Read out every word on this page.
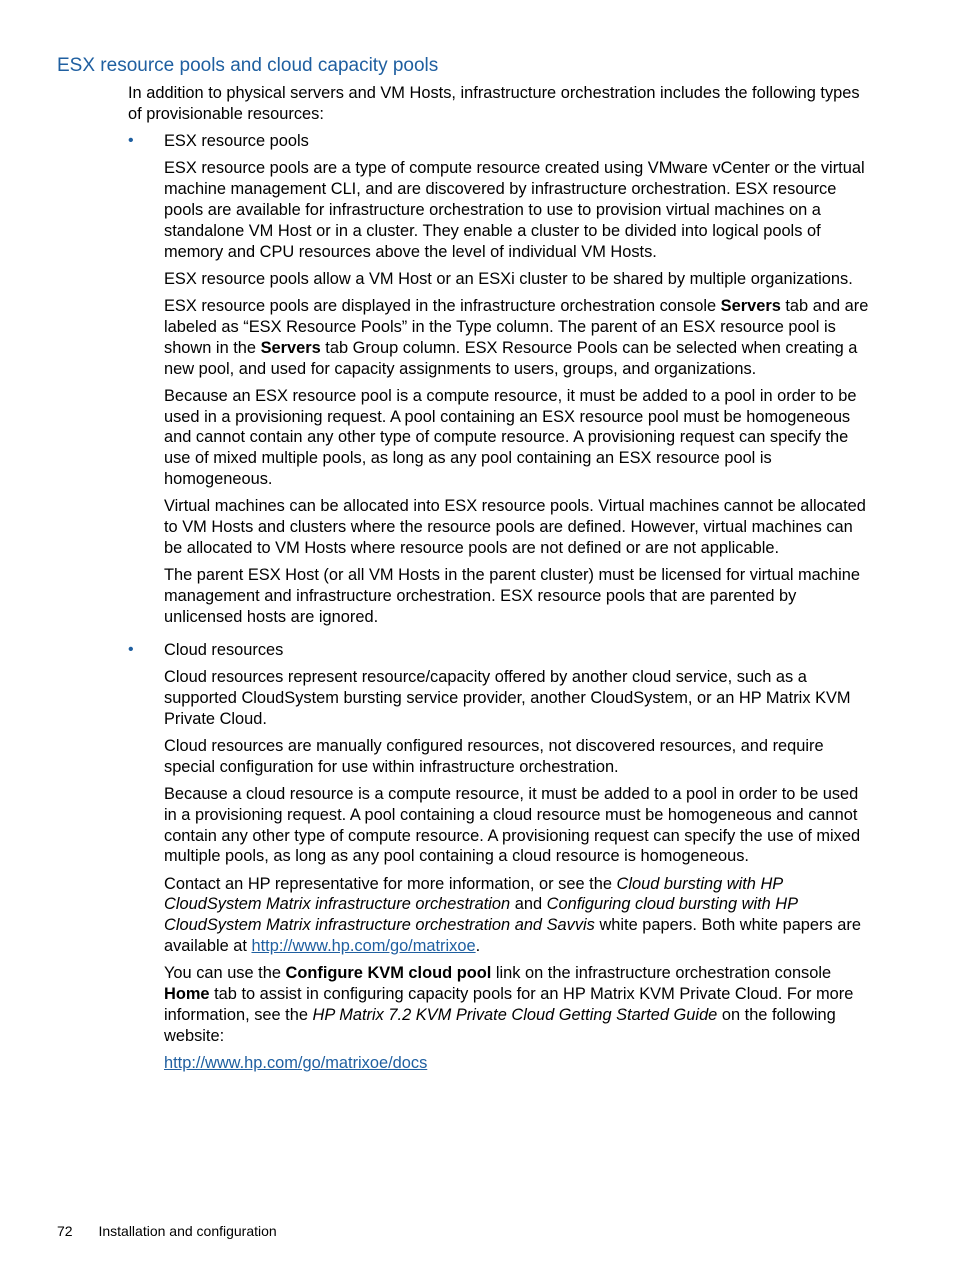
ESX resource pools and cloud capacity pools

In addition to physical servers and VM Hosts, infrastructure orchestration includes the following types of provisionable resources:

• ESX resource pools

ESX resource pools are a type of compute resource created using VMware vCenter or the virtual machine management CLI, and are discovered by infrastructure orchestration. ESX resource pools are available for infrastructure orchestration to use to provision virtual machines on a standalone VM Host or in a cluster. They enable a cluster to be divided into logical pools of memory and CPU resources above the level of individual VM Hosts.

ESX resource pools allow a VM Host or an ESXi cluster to be shared by multiple organizations.

ESX resource pools are displayed in the infrastructure orchestration console Servers tab and are labeled as “ESX Resource Pools” in the Type column. The parent of an ESX resource pool is shown in the Servers tab Group column. ESX Resource Pools can be selected when creating a new pool, and used for capacity assignments to users, groups, and organizations.

Because an ESX resource pool is a compute resource, it must be added to a pool in order to be used in a provisioning request. A pool containing an ESX resource pool must be homogeneous and cannot contain any other type of compute resource. A provisioning request can specify the use of mixed multiple pools, as long as any pool containing an ESX resource pool is homogeneous.

Virtual machines can be allocated into ESX resource pools. Virtual machines cannot be allocated to VM Hosts and clusters where the resource pools are defined. However, virtual machines can be allocated to VM Hosts where resource pools are not defined or are not applicable.

The parent ESX Host (or all VM Hosts in the parent cluster) must be licensed for virtual machine management and infrastructure orchestration. ESX resource pools that are parented by unlicensed hosts are ignored.

• Cloud resources

Cloud resources represent resource/capacity offered by another cloud service, such as a supported CloudSystem bursting service provider, another CloudSystem, or an HP Matrix KVM Private Cloud.

Cloud resources are manually configured resources, not discovered resources, and require special configuration for use within infrastructure orchestration.

Because a cloud resource is a compute resource, it must be added to a pool in order to be used in a provisioning request. A pool containing a cloud resource must be homogeneous and cannot contain any other type of compute resource. A provisioning request can specify the use of mixed multiple pools, as long as any pool containing a cloud resource is homogeneous.

Contact an HP representative for more information, or see the Cloud bursting with HP CloudSystem Matrix infrastructure orchestration and Configuring cloud bursting with HP CloudSystem Matrix infrastructure orchestration and Savvis white papers. Both white papers are available at http://www.hp.com/go/matrixoe.

You can use the Configure KVM cloud pool link on the infrastructure orchestration console Home tab to assist in configuring capacity pools for an HP Matrix KVM Private Cloud. For more information, see the HP Matrix 7.2 KVM Private Cloud Getting Started Guide on the following website:

http://www.hp.com/go/matrixoe/docs

72 Installation and configuration
